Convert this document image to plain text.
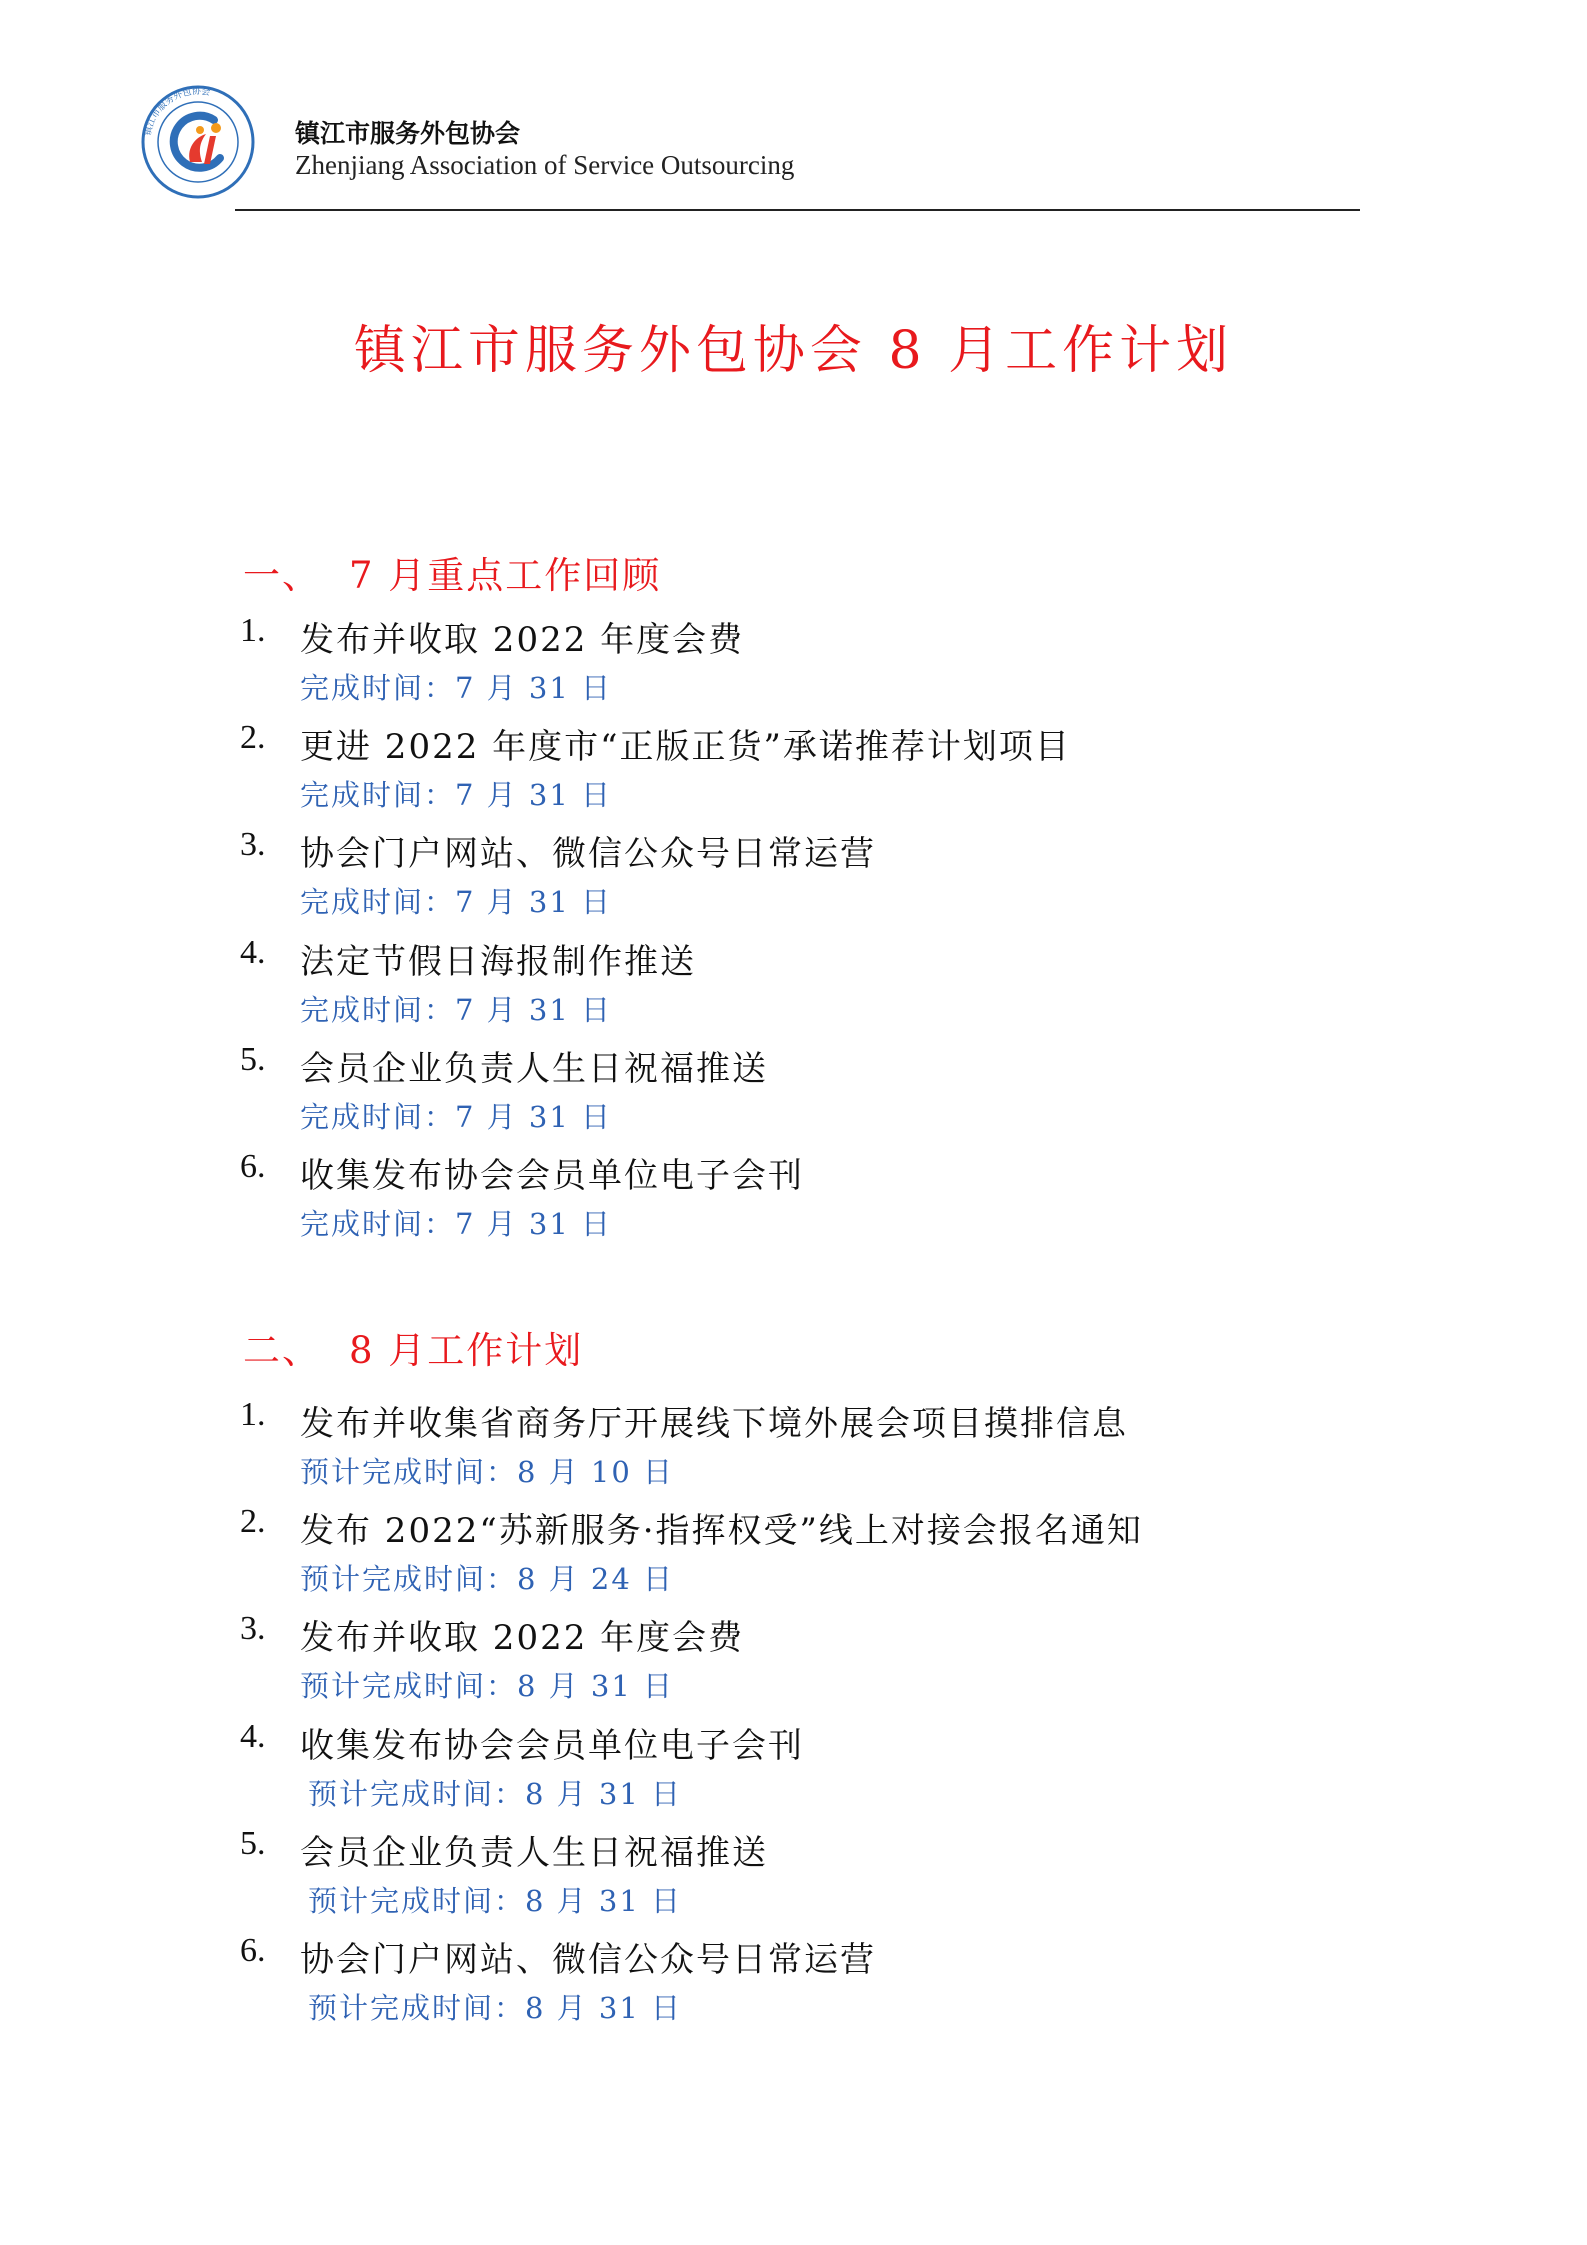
镇江市服务外包协会
镇江市服务外包协会
Zhenjiang Association of Service Outsourcing
镇江市服务外包协会 8 月工作计划
一、 7 月重点工作回顾
1. 发布并收取 2022 年度会费
完成时间：7 月 31 日
2. 更进 2022 年度市“正版正货”承诺推荐计划项目
完成时间：7 月 31 日
3. 协会门户网站、微信公众号日常运营
完成时间：7 月 31 日
4. 法定节假日海报制作推送
完成时间：7 月 31 日
5. 会员企业负责人生日祝福推送
完成时间：7 月 31 日
6. 收集发布协会会员单位电子会刊
完成时间：7 月 31 日
二、 8 月工作计划
1. 发布并收集省商务厅开展线下境外展会项目摸排信息
预计完成时间：8 月 10 日
2. 发布 2022“苏新服务·指挥权受”线上对接会报名通知
预计完成时间：8 月 24 日
3. 发布并收取 2022 年度会费
预计完成时间：8 月 31 日
4. 收集发布协会会员单位电子会刊
预计完成时间：8 月 31 日
5. 会员企业负责人生日祝福推送
预计完成时间：8 月 31 日
6. 协会门户网站、微信公众号日常运营
预计完成时间：8 月 31 日
